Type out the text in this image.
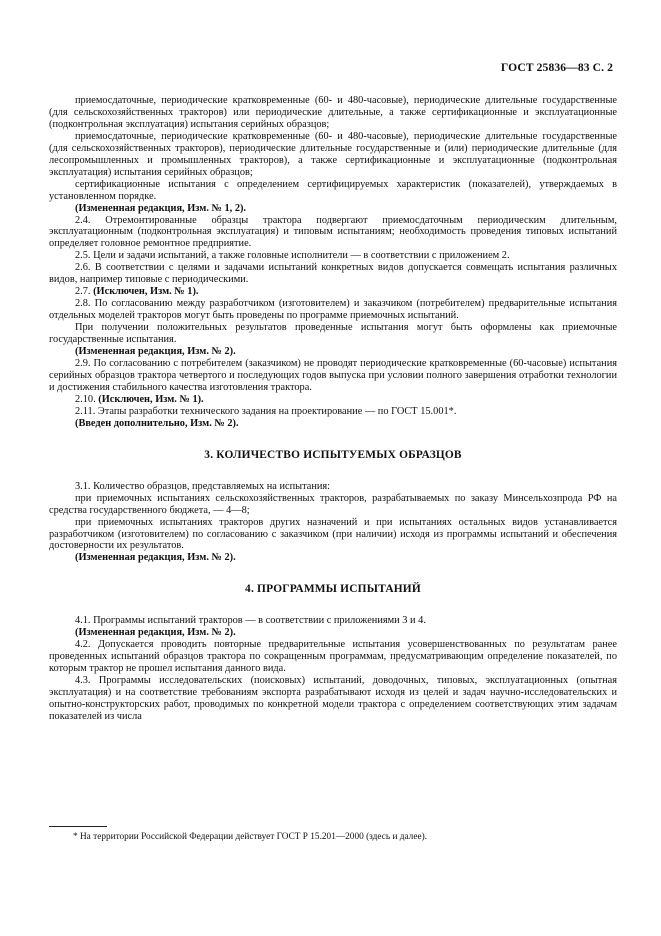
ГОСТ 25836—83 С. 2

приемосдаточные, периодические кратковременные (60- и 480-часовые), периодические длительные государственные (для сельскохозяйственных тракторов) или периодические длительные, а также сертификационные и эксплуатационные (подконтрольная эксплуатация) испытания серийных образцов;

приемосдаточные, периодические кратковременные (60- и 480-часовые), периодические длительные государственные (для сельскохозяйственных тракторов), периодические длительные государственные и (или) периодические длительные (для лесопромышленных и промышленных тракторов), а также сертификационные и эксплуатационные (подконтрольная эксплуатация) испытания серийных образцов;

сертификационные испытания с определением сертифицируемых характеристик (показателей), утверждаемых в установленном порядке.

(Измененная редакция, Изм. № 1, 2).

2.4. Отремонтированные образцы трактора подвергают приемосдаточным периодическим длительным, эксплуатационным (подконтрольная эксплуатация) и типовым испытаниям; необходимость проведения типовых испытаний определяет головное ремонтное предприятие.

2.5. Цели и задачи испытаний, а также головные исполнители — в соответствии с приложением 2.

2.6. В соответствии с целями и задачами испытаний конкретных видов допускается совмещать испытания различных видов, например типовые с периодическими.

2.7. (Исключен, Изм. № 1).

2.8. По согласованию между разработчиком (изготовителем) и заказчиком (потребителем) предварительные испытания отдельных моделей тракторов могут быть проведены по программе приемочных испытаний.

При получении положительных результатов проведенные испытания могут быть оформлены как приемочные государственные испытания.

(Измененная редакция, Изм. № 2).

2.9. По согласованию с потребителем (заказчиком) не проводят периодические кратковременные (60-часовые) испытания серийных образцов трактора четвертого и последующих годов выпуска при условии полного завершения отработки технологии и достижения стабильного качества изготовления трактора.

2.10. (Исключен, Изм. № 1).

2.11. Этапы разработки технического задания на проектирование — по ГОСТ 15.001*.

(Введен дополнительно, Изм. № 2).

3. КОЛИЧЕСТВО ИСПЫТУЕМЫХ ОБРАЗЦОВ

3.1. Количество образцов, представляемых на испытания:

при приемочных испытаниях сельскохозяйственных тракторов, разрабатываемых по заказу Минсельхозпрода РФ на средства государственного бюджета, — 4—8;

при приемочных испытаниях тракторов других назначений и при испытаниях остальных видов устанавливается разработчиком (изготовителем) по согласованию с заказчиком (при наличии) исходя из программы испытаний и обеспечения достоверности их результатов.

(Измененная редакция, Изм. № 2).

4. ПРОГРАММЫ ИСПЫТАНИЙ

4.1. Программы испытаний тракторов — в соответствии с приложениями 3 и 4.

(Измененная редакция, Изм. № 2).

4.2. Допускается проводить повторные предварительные испытания усовершенствованных по результатам ранее проведенных испытаний образцов трактора по сокращенным программам, предусматривающим определение показателей, по которым трактор не прошел испытания данного вида.

4.3. Программы исследовательских (поисковых) испытаний, доводочных, типовых, эксплуатационных (опытная эксплуатация) и на соответствие требованиям экспорта разрабатывают исходя из целей и задач научно-исследовательских и опытно-конструкторских работ, проводимых по конкретной модели трактора с определением соответствующих этим задачам показателей из числа

* На территории Российской Федерации действует ГОСТ Р 15.201—2000 (здесь и далее).
